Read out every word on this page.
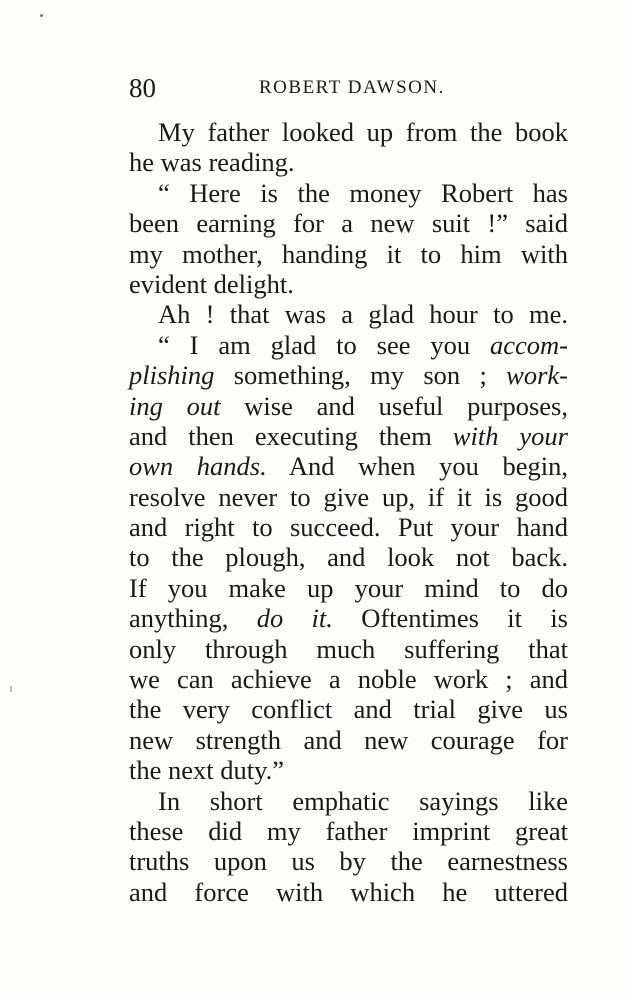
80	ROBERT DAWSON.
My father looked up from the book
he was reading.
“ Here is the money Robert has
been earning for a new suit !” said
my mother, handing it to him with
evident delight.
Ah ! that was a glad hour to me.
“ I am glad to see you accom-
plishing something, my son ; work-
ing out wise and useful purposes,
and then executing them with your
own hands. And when you begin,
resolve never to give up, if it is good
and right to succeed. Put your hand
to the plough, and look not back.
If you make up your mind to do
anything, do it. Oftentimes it is
only through much suffering that
we can achieve a noble work ; and
the very conflict and trial give us
new strength and new courage for
the next duty.”
In short emphatic sayings like
these did my father imprint great
truths upon us by the earnestness
and force with which he uttered
